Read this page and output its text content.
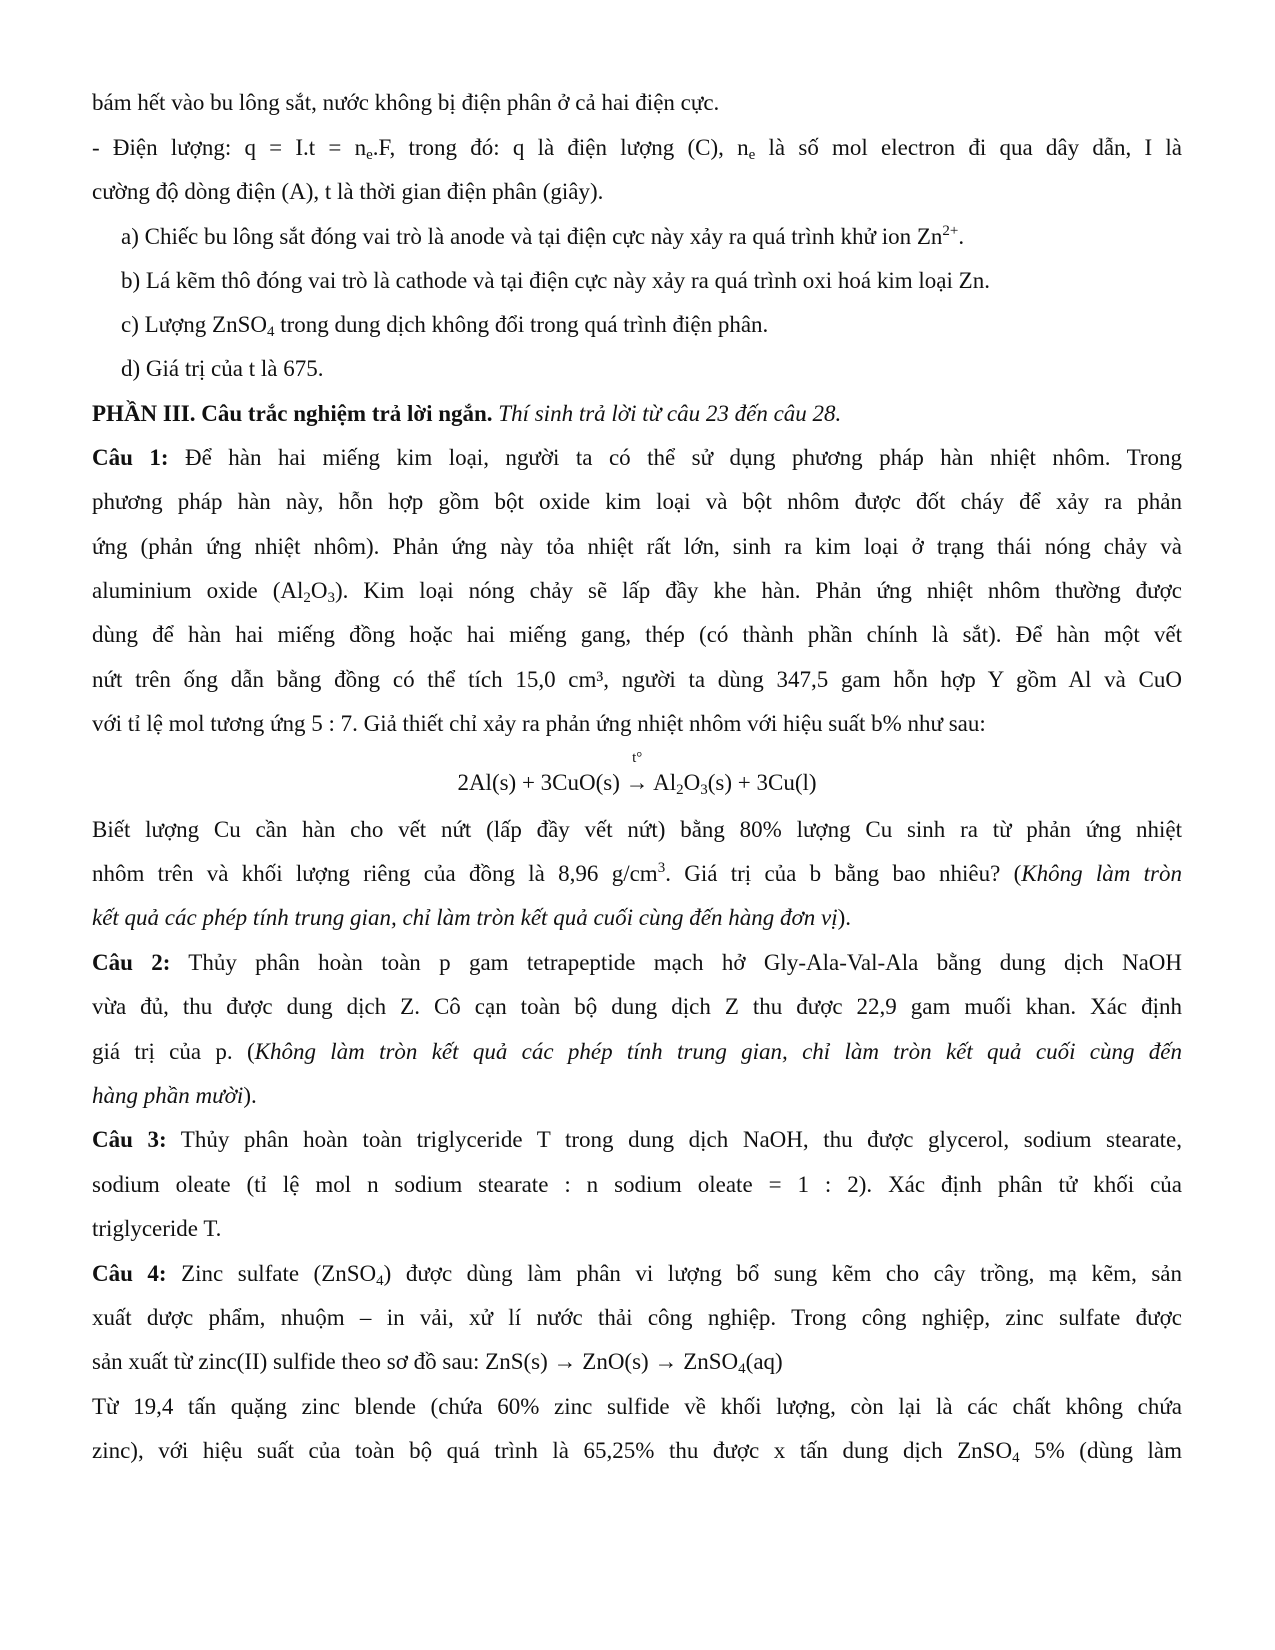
bám hết vào bu lông sắt, nước không bị điện phân ở cả hai điện cực.
- Điện lượng: $q = I.t = n_e.F$, trong đó: q là điện lượng (C), $n_e$ là số mol electron đi qua dây dẫn, I là
cường độ dòng điện (A), t là thời gian điện phân (giây).
a) Chiếc bu lông sắt đóng vai trò là anode và tại điện cực này xảy ra quá trình khử ion $Zn^{2+}$.
b) Lá kẽm thô đóng vai trò là cathode và tại điện cực này xảy ra quá trình oxi hoá kim loại Zn.
c) Lượng ZnSO$_4$ trong dung dịch không đổi trong quá trình điện phân.
d) Giá trị của t là 675.
PHẦN III. Câu trắc nghiệm trả lời ngắn. Thí sinh trả lời từ câu 23 đến câu 28.
Câu 1: Để hàn hai miếng kim loại, người ta có thể sử dụng phương pháp hàn nhiệt nhôm. Trong
phương pháp hàn này, hỗn hợp gồm bột oxide kim loại và bột nhôm được đốt cháy để xảy ra phản
ứng (phản ứng nhiệt nhôm). Phản ứng này tỏa nhiệt rất lớn, sinh ra kim loại ở trạng thái nóng chảy và
aluminium oxide $(Al_2O_3)$. Kim loại nóng chảy sẽ lấp đầy khe hàn. Phản ứng nhiệt nhôm thường được
dùng để hàn hai miếng đồng hoặc hai miếng gang, thép (có thành phần chính là sắt). Để hàn một vết
nứt trên ống dẫn bằng đồng có thể tích 15,0 cm³, người ta dùng 347,5 gam hỗn hợp Y gồm Al và CuO
với tỉ lệ mol tương ứng 5 : 7. Giả thiết chỉ xảy ra phản ứng nhiệt nhôm với hiệu suất b% như sau:
2Al(s) + 3CuO(s)
t°
→ $Al_2O_3(s) + 3Cu(l)$
Biết lượng Cu cần hàn cho vết nứt (lấp đầy vết nứt) bằng 80% lượng Cu sinh ra từ phản ứng nhiệt
nhôm trên và khối lượng riêng của đồng là 8,96 $g/cm^3$. Giá trị của b bằng bao nhiêu? (Không làm tròn
kết quả các phép tính trung gian, chỉ làm tròn kết quả cuối cùng đến hàng đơn vị).
Câu 2: Thủy phân hoàn toàn p gam tetrapeptide mạch hở Gly-Ala-Val-Ala bằng dung dịch NaOH
vừa đủ, thu được dung dịch Z. Cô cạn toàn bộ dung dịch Z thu được 22,9 gam muối khan. Xác định
giá trị của p. (Không làm tròn kết quả các phép tính trung gian, chỉ làm tròn kết quả cuối cùng đến
hàng phần mười).
Câu 3: Thủy phân hoàn toàn triglyceride T trong dung dịch NaOH, thu được glycerol, sodium stearate,
sodium oleate (tỉ lệ mol n sodium stearate : n sodium oleate = 1 : 2). Xác định phân tử khối của
triglyceride T.
Câu 4: Zinc sulfate (ZnSO$_4$) được dùng làm phân vi lượng bổ sung kẽm cho cây trồng, mạ kẽm, sản
xuất dược phẩm, nhuộm – in vải, xử lí nước thải công nghiệp. Trong công nghiệp, zinc sulfate được
sản xuất từ zinc(II) sulfide theo sơ đồ sau: ZnS(s) → ZnO(s) → ZnSO$_4$(aq)
Từ 19,4 tấn quặng zinc blende (chứa 60% zinc sulfide về khối lượng, còn lại là các chất không chứa
zinc), với hiệu suất của toàn bộ quá trình là 65,25% thu được x tấn dung dịch ZnSO$_4$ 5% (dùng làm
